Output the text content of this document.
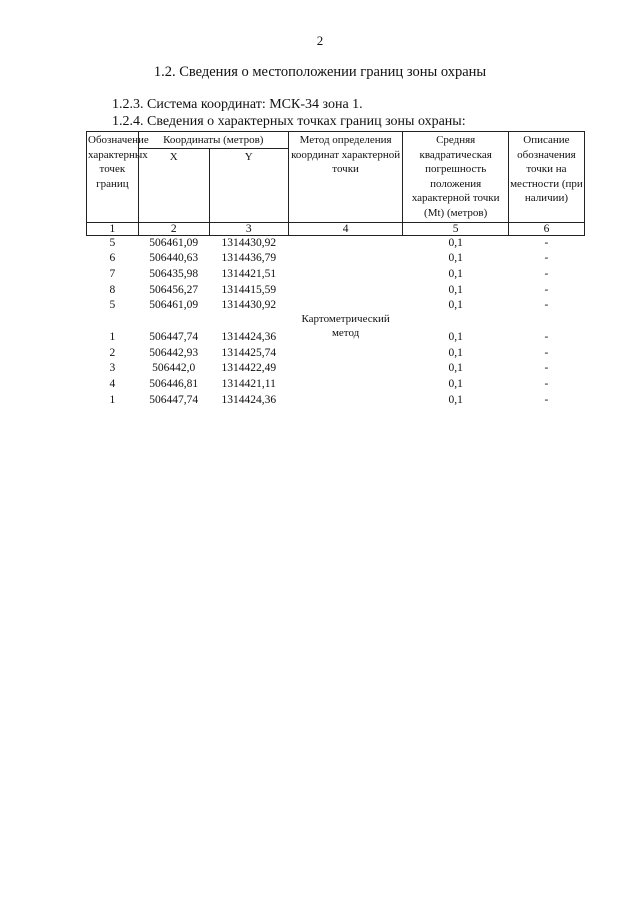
2
1.2. Сведения о местоположении границ зоны охраны
1.2.3. Система координат: МСК-34 зона 1.
1.2.4. Сведения о характерных точках границ зоны охраны:
Обозначение характерных точек границ	Координаты (метров)		Метод определения координат характерной точки	Средняя квадратическая погрешность положения характерной точки (Mt) (метров)	Описание обозначения точки на местности (при наличии)
	X	Y			
1	2	3	4	5	6
5	506461,09	1314430,92	Картометрический метод	0,1	-
6	506440,63	1314436,79		0,1	-
7	506435,98	1314421,51		0,1	-
8	506456,27	1314415,59		0,1	-
5	506461,09	1314430,92		0,1	-
1	506447,74	1314424,36		0,1	-
2	506442,93	1314425,74		0,1	-
3	506442,0	1314422,49		0,1	-
4	506446,81	1314421,11		0,1	-
1	506447,74	1314424,36		0,1	-
